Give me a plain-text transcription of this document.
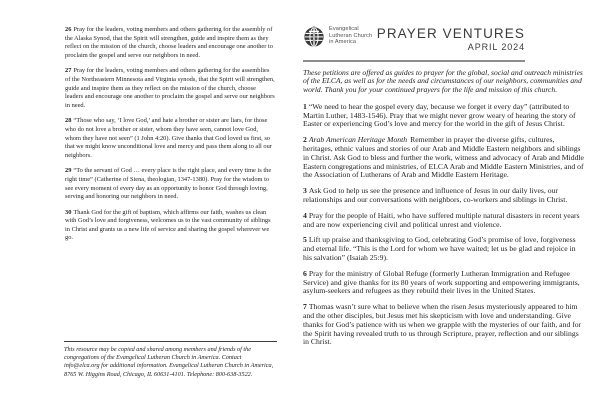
26 Pray for the leaders, voting members and others gathering for the assembly of the Alaska Synod, that the Spirit will strengthen, guide and inspire them as they reflect on the mission of the church, choose leaders and encourage one another to proclaim the gospel and serve our neighbors in need.

27 Pray for the leaders, voting members and others gathering for the assemblies of the Northeastern Minnesota and Virginia synods, that the Spirit will strengthen, guide and inspire them as they reflect on the mission of the church, choose leaders and encourage one another to proclaim the gospel and serve our neighbors in need.

28 “Those who say, ‘I love God,’ and hate a brother or sister are liars, for those who do not love a brother or sister, whom they have seen, cannot love God, whom they have not seen” (1 John 4:20). Give thanks that God loved us first, so that we might know unconditional love and mercy and pass them along to all our neighbors.

29 “To the servant of God … every place is the right place, and every time is the right time” (Catherine of Siena, theologian, 1347-1380). Pray for the wisdom to see every moment of every day as an opportunity to honor God through loving, serving and honoring our neighbors in need.

30 Thank God for the gift of baptism, which affirms our faith, washes us clean with God’s love and forgiveness, welcomes us to the vast community of siblings in Christ and grants us a new life of service and sharing the gospel wherever we go.

This resource may be copied and shared among members and friends of the congregations of the Evangelical Lutheran Church in America. Contact info@elca.org for additional information. Evangelical Lutheran Church in America, 8765 W. Higgins Road, Chicago, IL 60631-4101. Telephone: 800-638-3522.
Evangelical
Lutheran Church
in America
PRAYER VENTURES
APRIL 2024

These petitions are offered as guides to prayer for the global, social and outreach ministries of the ELCA, as well as for the needs and circumstances of our neighbors, communities and world. Thank you for your continued prayers for the life and mission of this church.

1 “We need to hear the gospel every day, because we forget it every day” (attributed to Martin Luther, 1483-1546). Pray that we might never grow weary of hearing the story of Easter or experiencing God’s love and mercy for the world in the gift of Jesus Christ.

2 Arab American Heritage Month Remember in prayer the diverse gifts, cultures, heritages, ethnic values and stories of our Arab and Middle Eastern neighbors and siblings in Christ. Ask God to bless and further the work, witness and advocacy of Arab and Middle Eastern congregations and ministries, of ELCA Arab and Middle Eastern Ministries, and of the Association of Lutherans of Arab and Middle Eastern Heritage.

3 Ask God to help us see the presence and influence of Jesus in our daily lives, our relationships and our conversations with neighbors, co-workers and siblings in Christ.

4 Pray for the people of Haiti, who have suffered multiple natural disasters in recent years and are now experiencing civil and political unrest and violence.

5 Lift up praise and thanksgiving to God, celebrating God’s promise of love, forgiveness and eternal life. “This is the Lord for whom we have waited; let us be glad and rejoice in his salvation” (Isaiah 25:9).

6 Pray for the ministry of Global Refuge (formerly Lutheran Immigration and Refugee Service) and give thanks for its 80 years of work supporting and empowering immigrants, asylum-seekers and refugees as they rebuild their lives in the United States.

7 Thomas wasn’t sure what to believe when the risen Jesus mysteriously appeared to him and the other disciples, but Jesus met his skepticism with love and understanding. Give thanks for God’s patience with us when we grapple with the mysteries of our faith, and for the Spirit having revealed truth to us through Scripture, prayer, reflection and our siblings in Christ.
